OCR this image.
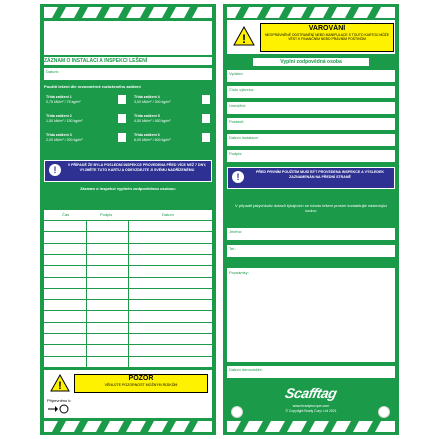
ZÁZNAM O INSTALACI A INSPEKCI LEŠENÍ
Datum:
Použití lešení dle rovnoměrně rozloženého zatížení
Třída zatížení 1
0,75 kN/m² / 75 kg/m²
Třída zatížení 4
3,00 kN/m² / 300 kg/m²
Třída zatížení 2
1,50 kN/m² / 150 kg/m²
Třída zatížení 5
4,50 kN/m² / 450 kg/m²
Třída zatížení 3
2,00 kN/m² / 200 kg/m²
Třída zatížení 6
6,00 kN/m² / 600 kg/m²
!	V PŘÍPADĚ ŽE BYLA POSLEDNÍ INSPEKCE PROVEDENA PŘED VÍCE NEŽ 7 DNY, VYJMĚTE TUTO KARTU A ODEVZDEJTE JI SVÉMU NADŘÍZENÉMU
Záznam o inspekci vyplněn zodpovědnou osobou:
Čas	Podpis	Datum
!
POZOR
VĚNUJTE POZORNOST MOŽNÝM RIZIKŮM
Připevněno k:
!
VAROVÁNÍ
NEOPRÁVNĚNÉ ODSTRANĚNÍ NEBO MANIPULACE S TOUTO KARTOU MŮŽE VÉST K FINANČNÍM NEBO PRÁVNÍM POSTIHŮM
Vyplní zodpovědná osoba
Vydáno:
Číslo výkresu:
Umístění:
Postavil:
Datum instalace:
Podpis:
!	PŘED PRVNÍM POUŽITÍM MUSÍ BÝT PROVEDENA INSPEKCE A VÝSLEDEK ZAZNAMENÁN NA PŘEDNÍ STRANĚ
V případě jakýchkoliv dotazů týkajících se tohoto lešení prosím kontaktujte následující osobu:
Jméno:
Tel.:
Poznámky:
Datum demontáže:
Scafftag
www.bradyeurope.com
© Copyright Brady Corp. Ltd 2021
